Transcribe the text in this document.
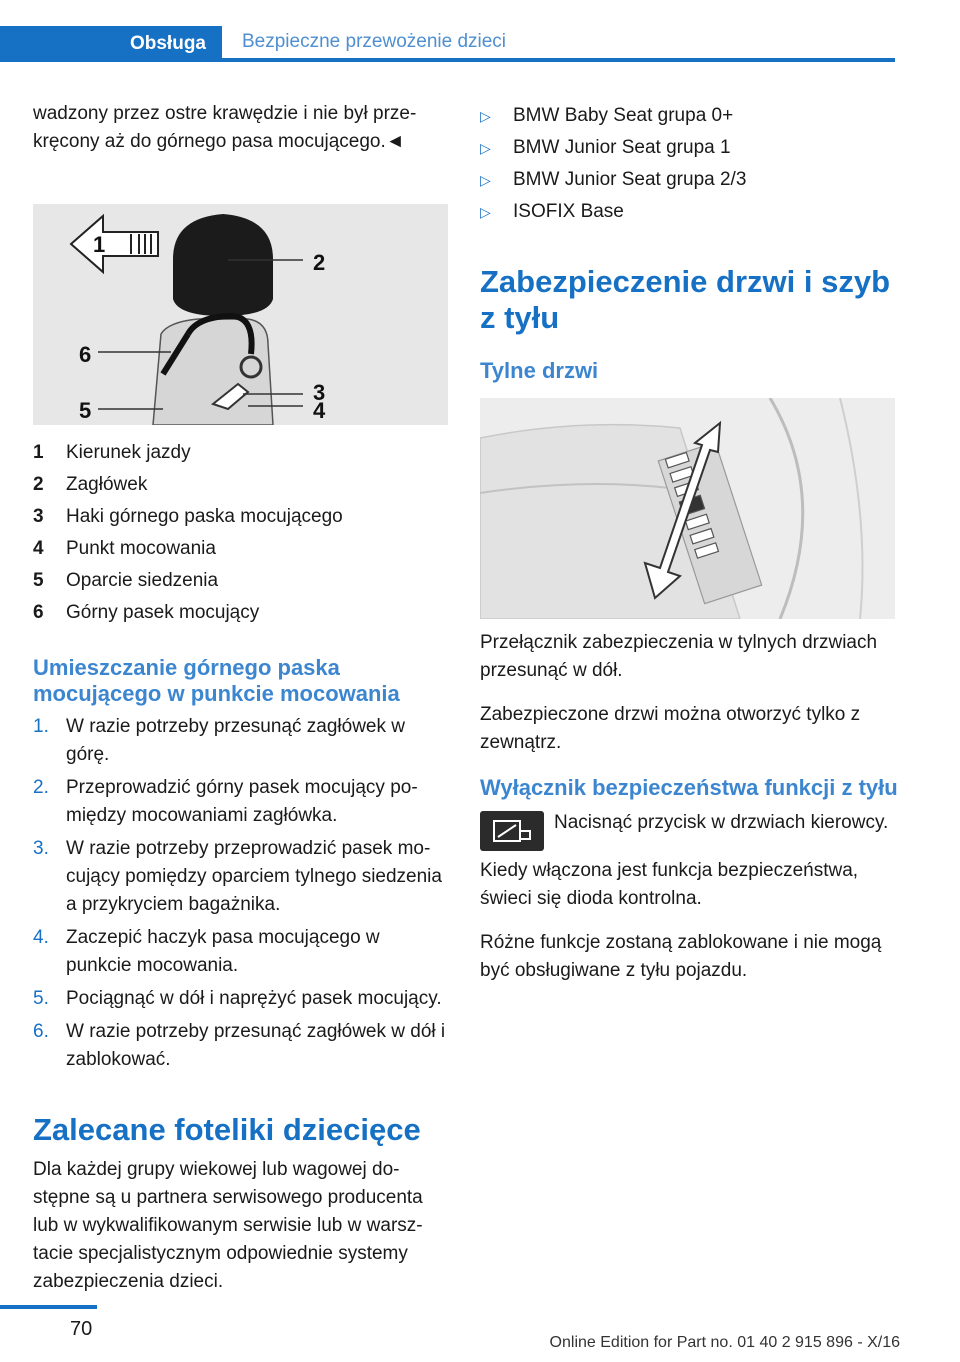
Obsługa	Bezpieczne przewożenie dzieci

wadzony przez ostre krawędzie i nie był przekręcony aż do górnego pasa mocującego.◄

1
2
6
3
5	4
1	Kierunek jazdy
2	Zagłówek
3	Haki górnego paska mocującego
4	Punkt mocowania
5	Oparcie siedzenia
6	Górny pasek mocujący
Umieszczanie górnego paska mocującego w punkcie mocowania
1. W razie potrzeby przesunąć zagłówek w górę.
2. Przeprowadzić górny pasek mocujący pomiędzy mocowaniami zagłówka.
3. W razie potrzeby przeprowadzić pasek mocujący pomiędzy oparciem tylnego siedzenia a przykryciem bagażnika.
4. Zaczepić haczyk pasa mocującego w punkcie mocowania.
5. Pociągnąć w dół i naprężyć pasek mocujący.
6. W razie potrzeby przesunąć zagłówek w dół i zablokować.
Zalecane foteliki dziecięce

Dla każdej grupy wiekowej lub wagowej dostępne są u partnera serwisowego producenta lub w wykwalifikowanym serwisie lub w warsztacie specjalistycznym odpowiednie systemy zabezpieczenia dzieci.

▷	BMW Baby Seat grupa 0+
▷	BMW Junior Seat grupa 1
▷	BMW Junior Seat grupa 2/3
▷	ISOFIX Base
Zabezpieczenie drzwi i szyb z tyłu
Tylne drzwi

Przełącznik zabezpieczenia w tylnych drzwiach przesunąć w dół.

Zabezpieczone drzwi można otworzyć tylko z zewnątrz.

Wyłącznik bezpieczeństwa funkcji z tyłu

Nacisnąć przycisk w drzwiach kierowcy.

Kiedy włączona jest funkcja bezpieczeństwa, świeci się dioda kontrolna.

Różne funkcje zostaną zablokowane i nie mogą być obsługiwane z tyłu pojazdu.

70
Online Edition for Part no. 01 40 2 915 896 - X/16
